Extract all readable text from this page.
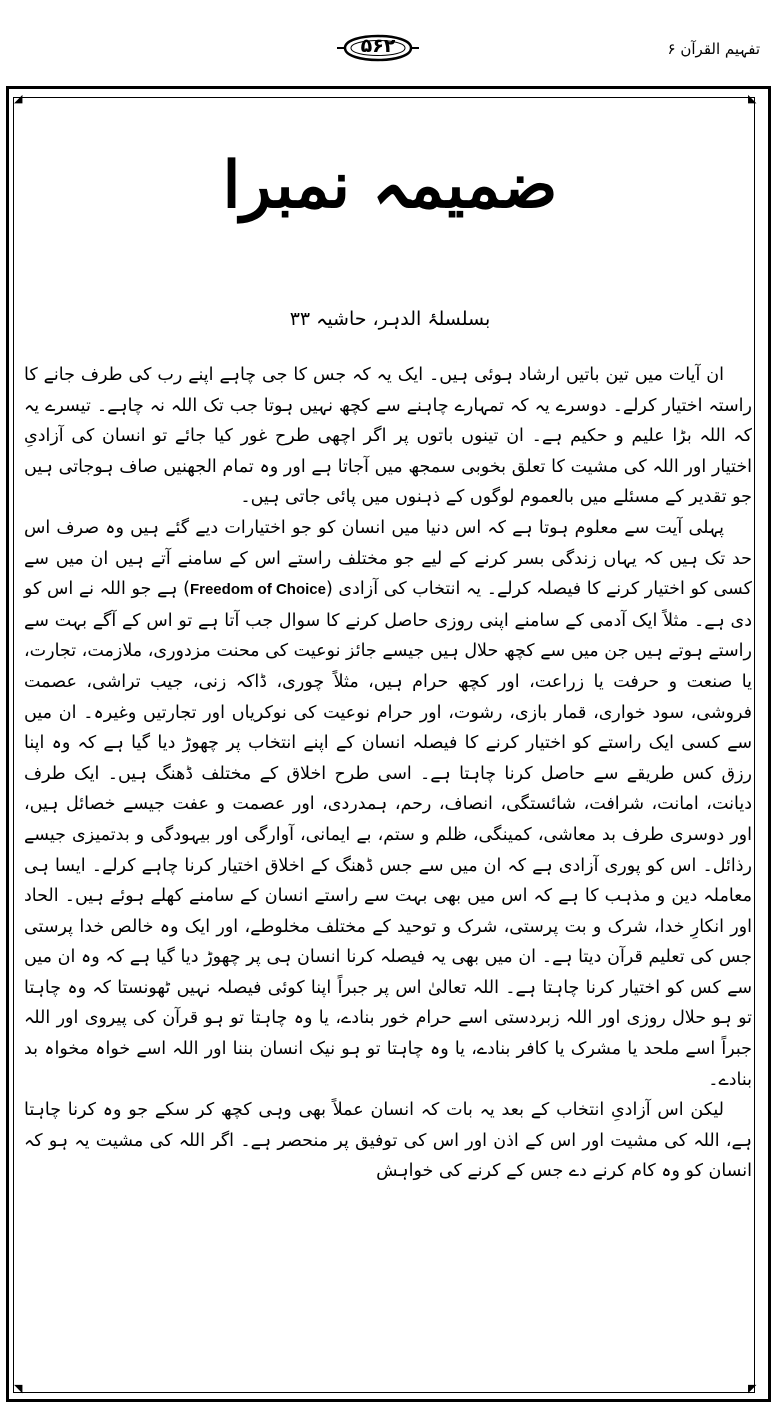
تفہیم القرآن ۶
۵۶۲
◢	◣
◥	◤
ضمیمہ نمبرا
بسلسلۂ الدہر، حاشیہ ۳۳

ان آیات میں تین باتیں ارشاد ہوئی ہیں۔ ایک یہ کہ جس کا جی چاہے اپنے رب کی طرف جانے کا راستہ اختیار کرلے۔ دوسرے یہ کہ تمہارے چاہنے سے کچھ نہیں ہوتا جب تک اللہ نہ چاہے۔ تیسرے یہ کہ اللہ بڑا علیم و حکیم ہے۔ ان تینوں باتوں پر اگر اچھی طرح غور کیا جائے تو انسان کی آزادیِ اختیار اور اللہ کی مشیت کا تعلق بخوبی سمجھ میں آجاتا ہے اور وہ تمام الجھنیں صاف ہوجاتی ہیں جو تقدیر کے مسئلے میں بالعموم لوگوں کے ذہنوں میں پائی جاتی ہیں۔

پہلی آیت سے معلوم ہوتا ہے کہ اس دنیا میں انسان کو جو اختیارات دیے گئے ہیں وہ صرف اس حد تک ہیں کہ یہاں زندگی بسر کرنے کے لیے جو مختلف راستے اس کے سامنے آتے ہیں ان میں سے کسی کو اختیار کرنے کا فیصلہ کرلے۔ یہ انتخاب کی آزادی (Freedom of Choice) ہے جو اللہ نے اس کو دی ہے۔ مثلاً ایک آدمی کے سامنے اپنی روزی حاصل کرنے کا سوال جب آتا ہے تو اس کے آگے بہت سے راستے ہوتے ہیں جن میں سے کچھ حلال ہیں جیسے جائز نوعیت کی محنت مزدوری، ملازمت، تجارت، یا صنعت و حرفت یا زراعت، اور کچھ حرام ہیں، مثلاً چوری، ڈاکہ زنی، جیب تراشی، عصمت فروشی، سود خواری، قمار بازی، رشوت، اور حرام نوعیت کی نوکریاں اور تجارتیں وغیرہ۔ ان میں سے کسی ایک راستے کو اختیار کرنے کا فیصلہ انسان کے اپنے انتخاب پر چھوڑ دیا گیا ہے کہ وہ اپنا رزق کس طریقے سے حاصل کرنا چاہتا ہے۔ اسی طرح اخلاق کے مختلف ڈھنگ ہیں۔ ایک طرف دیانت، امانت، شرافت، شائستگی، انصاف، رحم، ہمدردی، اور عصمت و عفت جیسے خصائل ہیں، اور دوسری طرف بد معاشی، کمینگی، ظلم و ستم، بے ایمانی، آوارگی اور بیہودگی و بدتمیزی جیسے رذائل۔ اس کو پوری آزادی ہے کہ ان میں سے جس ڈھنگ کے اخلاق اختیار کرنا چاہے کرلے۔ ایسا ہی معاملہ دین و مذہب کا ہے کہ اس میں بھی بہت سے راستے انسان کے سامنے کھلے ہوئے ہیں۔ الحاد اور انکارِ خدا، شرک و بت پرستی، شرک و توحید کے مختلف مخلوطے، اور ایک وہ خالص خدا پرستی جس کی تعلیم قرآن دیتا ہے۔ ان میں بھی یہ فیصلہ کرنا انسان ہی پر چھوڑ دیا گیا ہے کہ وہ ان میں سے کس کو اختیار کرنا چاہتا ہے۔ اللہ تعالیٰ اس پر جبراً اپنا کوئی فیصلہ نہیں ٹھونستا کہ وہ چاہتا تو ہو حلال روزی اور اللہ زبردستی اسے حرام خور بنادے، یا وہ چاہتا تو ہو قرآن کی پیروی اور اللہ جبراً اسے ملحد یا مشرک یا کافر بنادے، یا وہ چاہتا تو ہو نیک انسان بننا اور اللہ اسے خواہ مخواہ بد بنادے۔

لیکن اس آزادیِ انتخاب کے بعد یہ بات کہ انسان عملاً بھی وہی کچھ کر سکے جو وہ کرنا چاہتا ہے، اللہ کی مشیت اور اس کے اذن اور اس کی توفیق پر منحصر ہے۔ اگر اللہ کی مشیت یہ ہو کہ انسان کو وہ کام کرنے دے جس کے کرنے کی خواہش
